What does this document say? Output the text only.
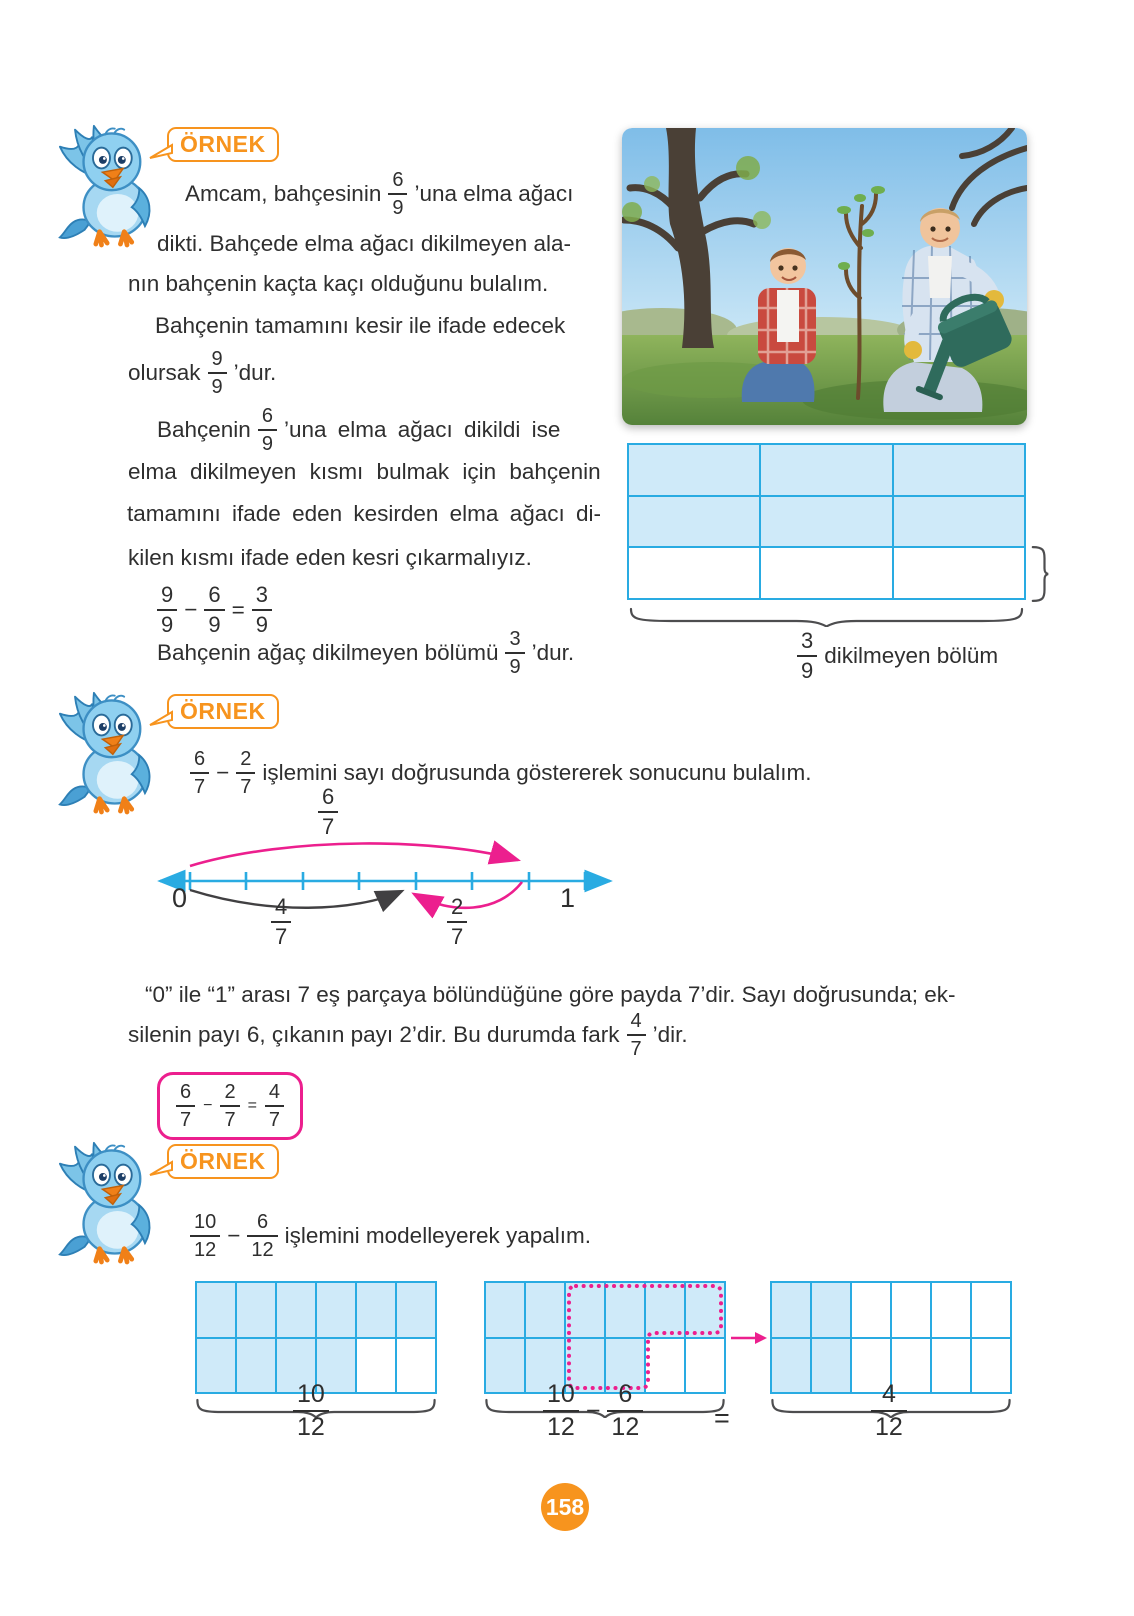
ÖRNEK
Amcam, bahçesinin $\frac{6}{9}$ ’una elma ağacı
dikti. Bahçede elma ağacı dikilmeyen ala-
nın bahçenin kaçta kaçı olduğunu bulalım.
Bahçenin tamamını kesir ile ifade edecek
olursak $\frac{9}{9}$ ’dur.
Bahçenin $\frac{6}{9}$ ’una elma ağacı dikildi ise
elma dikilmeyen kısmı bulmak için bahçenin
tamamını ifade eden kesirden elma ağacı di-
kilen kısmı ifade eden kesri çıkarmalıyız.
$\frac{9}{9} - \frac{6}{9} = \frac{3}{9}$
Bahçenin ağaç dikilmeyen bölümü $\frac{3}{9}$ ’dur.	$\frac{3}{9}$ dikilmeyen bölüm
ÖRNEK
$\frac{6}{7} - \frac{2}{7}$ işlemini sayı doğrusunda göstererek sonucunu bulalım.
$\frac{6}{7}$
0	1
$\frac{4}{7}$	$\frac{2}{7}$
“0” ile “1” arası 7 eş parçaya bölündüğüne göre payda 7’dir. Sayı doğrusunda; ek-
silenin payı 6, çıkanın payı 2’dir. Bu durumda fark $\frac{4}{7}$ ’dir.
$\frac{6}{7} - \frac{2}{7} = \frac{4}{7}$
ÖRNEK
$\frac{10}{12} - \frac{6}{12}$ işlemini modelleyerek yapalım.
$\frac{10}{12}$	$\frac{10}{12} - \frac{6}{12}$	=	$\frac{4}{12}$
158
